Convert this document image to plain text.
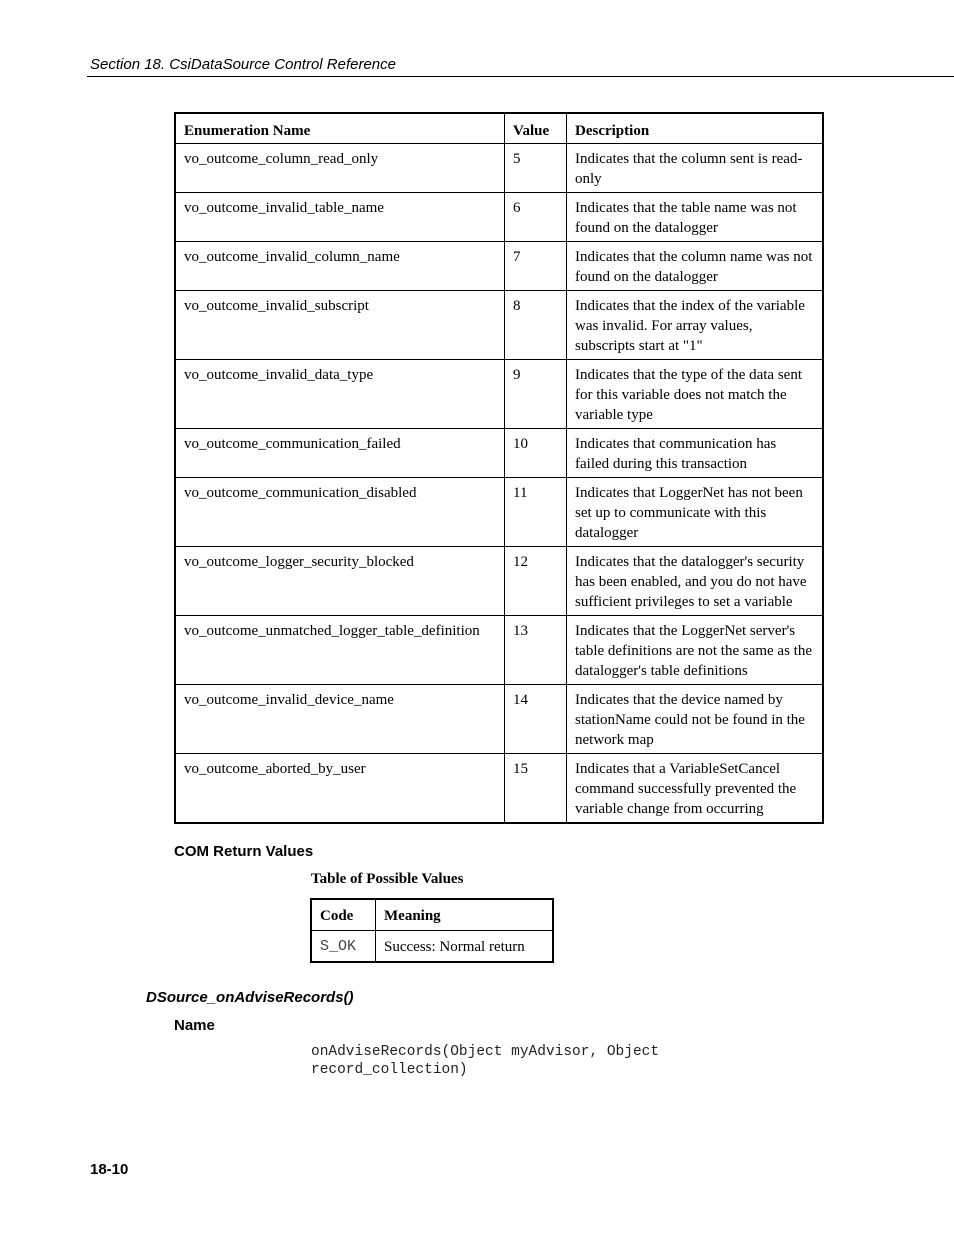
Section 18. CsiDataSource Control Reference
Enumeration Name	Value	Description
vo_outcome_column_read_only	5	Indicates that the column sent is read-only
vo_outcome_invalid_table_name	6	Indicates that the table name was not found on the datalogger
vo_outcome_invalid_column_name	7	Indicates that the column name was not found on the datalogger
vo_outcome_invalid_subscript	8	Indicates that the index of the variable was invalid. For array values, subscripts start at "1"
vo_outcome_invalid_data_type	9	Indicates that the type of the data sent for this variable does not match the variable type
vo_outcome_communication_failed	10	Indicates that communication has failed during this transaction
vo_outcome_communication_disabled	11	Indicates that LoggerNet has not been set up to communicate with this datalogger
vo_outcome_logger_security_blocked	12	Indicates that the datalogger's security has been enabled, and you do not have sufficient privileges to set a variable
vo_outcome_unmatched_logger_table_definition	13	Indicates that the LoggerNet server's table definitions are not the same as the datalogger's table definitions
vo_outcome_invalid_device_name	14	Indicates that the device named by stationName could not be found in the network map
vo_outcome_aborted_by_user	15	Indicates that a VariableSetCancel command successfully prevented the variable change from occurring
COM Return Values
Table of Possible Values
Code	Meaning
S_OK	Success: Normal return
DSource_onAdviseRecords()
Name
onAdviseRecords(Object myAdvisor, Object
record_collection)
18-10
